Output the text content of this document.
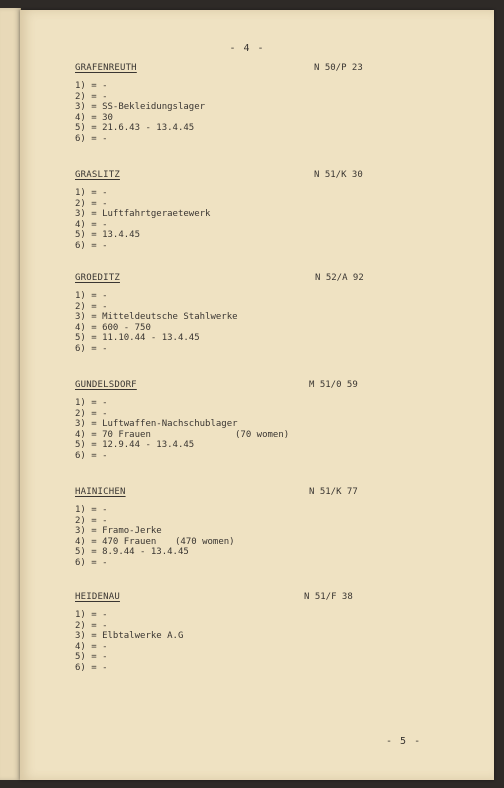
- 4 -
GRAFENREUTH	N 50/P 23
1) = -
2) = -
3) = SS-Bekleidungslager
4) = 30
5) = 21.6.43 - 13.4.45
6) = -
GRASLITZ	N 51/K 30
1) = -
2) = -
3) = Luftfahrtgeraetewerk
4) = -
5) = 13.4.45
6) = -
GROEDITZ	N 52/A 92
1) = -
2) = -
3) = Mitteldeutsche Stahlwerke
4) = 600 - 750
5) = 11.10.44 - 13.4.45
6) = -
GUNDELSDORF	M 51/0 59
1) = -
2) = -
3) = Luftwaffen-Nachschublager
4) = 70 Frauen	(70 women)
5) = 12.9.44 - 13.4.45
6) = -
HAINICHEN	N 51/K 77
1) = -
2) = -
3) = Framo-Jerke
4) = 470 Frauen (470 women)
5) = 8.9.44 - 13.4.45
6) = -
HEIDENAU	N 51/F 38
1) = -
2) = -
3) = Elbtalwerke A.G
4) = -
5) = -
6) = -
- 5 -
